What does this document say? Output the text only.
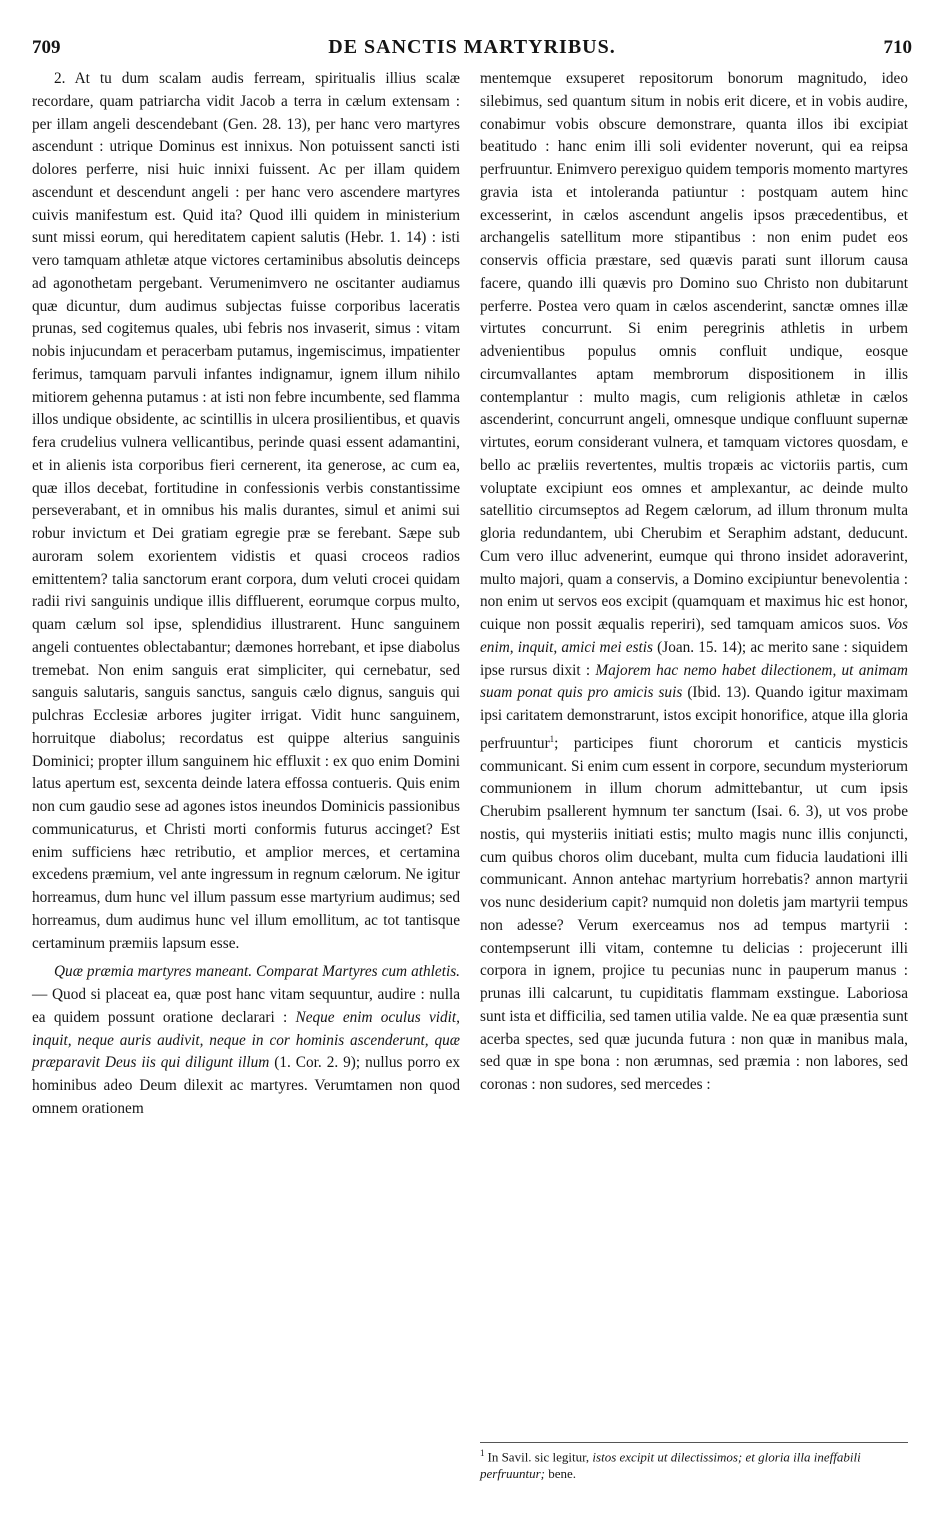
709	DE SANCTIS MARTYRIBUS.	710

2. At tu dum scalam audis ferream, spiritualis illius scalæ recordare, quam patriarcha vidit Jacob a terra in cælum extensam : per illam angeli descendebant (Gen. 28. 13), per hanc vero martyres ascendunt : utrique Dominus est innixus. Non potuissent sancti isti dolores perferre, nisi huic innixi fuissent. Ac per illam quidem ascendunt et descendunt angeli : per hanc vero ascendere martyres cuivis manifestum est. Quid ita? Quod illi quidem in ministerium sunt missi eorum, qui hereditatem capient salutis (Hebr. 1. 14) : isti vero tamquam athletæ atque victores certaminibus absolutis deinceps ad agonothetam pergebant. Verumenimvero ne oscitanter audiamus quæ dicuntur, dum audimus subjectas fuisse corporibus laceratis prunas, sed cogitemus quales, ubi febris nos invaserit, simus : vitam nobis injucundam et peracerbam putamus, ingemiscimus, impatienter ferimus, tamquam parvuli infantes indignamur, ignem illum nihilo mitiorem gehenna putamus : at isti non febre incumbente, sed flamma illos undique obsidente, ac scintillis in ulcera prosilientibus, et quavis fera crudelius vulnera vellicantibus, perinde quasi essent adamantini, et in alienis ista corporibus fieri cernerent, ita generose, ac cum ea, quæ illos decebat, fortitudine in confessionis verbis constantissime perseverabant, et in omnibus his malis durantes, simul et animi sui robur invictum et Dei gratiam egregie præ se ferebant. Sæpe sub auroram solem exorientem vidistis et quasi croceos radios emittentem? talia sanctorum erant corpora, dum veluti crocei quidam radii rivi sanguinis undique illis diffluerent, eorumque corpus multo, quam cælum sol ipse, splendidius illustrarent. Hunc sanguinem angeli contuentes oblectabantur; dæmones horrebant, et ipse diabolus tremebat. Non enim sanguis erat simpliciter, qui cernebatur, sed sanguis salutaris, sanguis sanctus, sanguis cælo dignus, sanguis qui pulchras Ecclesiæ arbores jugiter irrigat. Vidit hunc sanguinem, horruitque diabolus; recordatus est quippe alterius sanguinis Dominici; propter illum sanguinem hic effluxit : ex quo enim Domini latus apertum est, sexcenta deinde latera effossa contueris. Quis enim non cum gaudio sese ad agones istos ineundos Dominicis passionibus communicaturus, et Christi morti conformis futurus accinget? Est enim sufficiens hæc retributio, et amplior merces, et certamina excedens præmium, vel ante ingressum in regnum cælorum. Ne igitur horreamus, dum hunc vel illum passum esse martyrium audimus; sed horreamus, dum audimus hunc vel illum emollitum, ac tot tantisque certaminum præmiis lapsum esse.

Quæ præmia martyres maneant. Comparat Martyres cum athletis. — Quod si placeat ea, quæ post hanc vitam sequuntur, audire : nulla ea quidem possunt oratione declarari : Neque enim oculus vidit, inquit, neque auris audivit, neque in cor hominis ascenderunt, quæ præparavit Deus iis qui diligunt illum (1. Cor. 2. 9); nullus porro ex hominibus adeo Deum dilexit ac martyres. Verumtamen non quod omnem orationem

mentemque exsuperet repositorum bonorum magnitudo, ideo silebimus, sed quantum situm in nobis erit dicere, et in vobis audire, conabimur vobis obscure demonstrare, quanta illos ibi excipiat beatitudo : hanc enim illi soli evidenter noverunt, qui ea reipsa perfruuntur. Enimvero perexiguo quidem temporis momento martyres gravia ista et intoleranda patiuntur : postquam autem hinc excesserint, in cælos ascendunt angelis ipsos præcedentibus, et archangelis satellitum more stipantibus : non enim pudet eos conservis officia præstare, sed quævis parati sunt illorum causa facere, quando illi quævis pro Domino suo Christo non dubitarunt perferre. Postea vero quam in cælos ascenderint, sanctæ omnes illæ virtutes concurrunt. Si enim peregrinis athletis in urbem advenientibus populus omnis confluit undique, eosque circumvallantes aptam membrorum dispositionem in illis contemplantur : multo magis, cum religionis athletæ in cælos ascenderint, concurrunt angeli, omnesque undique confluunt supernæ virtutes, eorum considerant vulnera, et tamquam victores quosdam, e bello ac præliis revertentes, multis tropæis ac victoriis partis, cum voluptate excipiunt eos omnes et amplexantur, ac deinde multo satellitio circumseptos ad Regem cælorum, ad illum thronum multa gloria redundantem, ubi Cherubim et Seraphim adstant, deducunt. Cum vero illuc advenerint, eumque qui throno insidet adoraverint, multo majori, quam a conservis, a Domino excipiuntur benevolentia : non enim ut servos eos excipit (quamquam et maximus hic est honor, cuique non possit æqualis reperiri), sed tamquam amicos suos. Vos enim, inquit, amici mei estis (Joan. 15. 14); ac merito sane : siquidem ipse rursus dixit : Majorem hac nemo habet dilectionem, ut animam suam ponat quis pro amicis suis (Ibid. 13). Quando igitur maximam ipsi caritatem demonstrarunt, istos excipit honorifice, atque illa gloria perfruuntur$^1$; participes fiunt chororum et canticis mysticis communicant. Si enim cum essent in corpore, secundum mysteriorum communionem in illum chorum admittebantur, ut cum ipsis Cherubim psallerent hymnum ter sanctum (Isai. 6. 3), ut vos probe nostis, qui mysteriis initiati estis; multo magis nunc illis conjuncti, cum quibus choros olim ducebant, multa cum fiducia laudationi illi communicant. Annon antehac martyrium horrebatis? annon martyrii vos nunc desiderium capit? numquid non doletis jam martyrii tempus non adesse? Verum exerceamus nos ad tempus martyrii : contempserunt illi vitam, contemne tu delicias : projecerunt illi corpora in ignem, projice tu pecunias nunc in pauperum manus : prunas illi calcarunt, tu cupiditatis flammam exstingue. Laboriosa sunt ista et difficilia, sed tamen utilia valde. Ne ea quæ præsentia sunt acerba spectes, sed quæ jucunda futura : non quæ in manibus mala, sed quæ in spe bona : non ærumnas, sed præmia : non labores, sed coronas : non sudores, sed mercedes :

$^1$ In Savil. sic legitur, istos excipit ut dilectissimos; et gloria illa ineffabili perfruuntur; bene.
